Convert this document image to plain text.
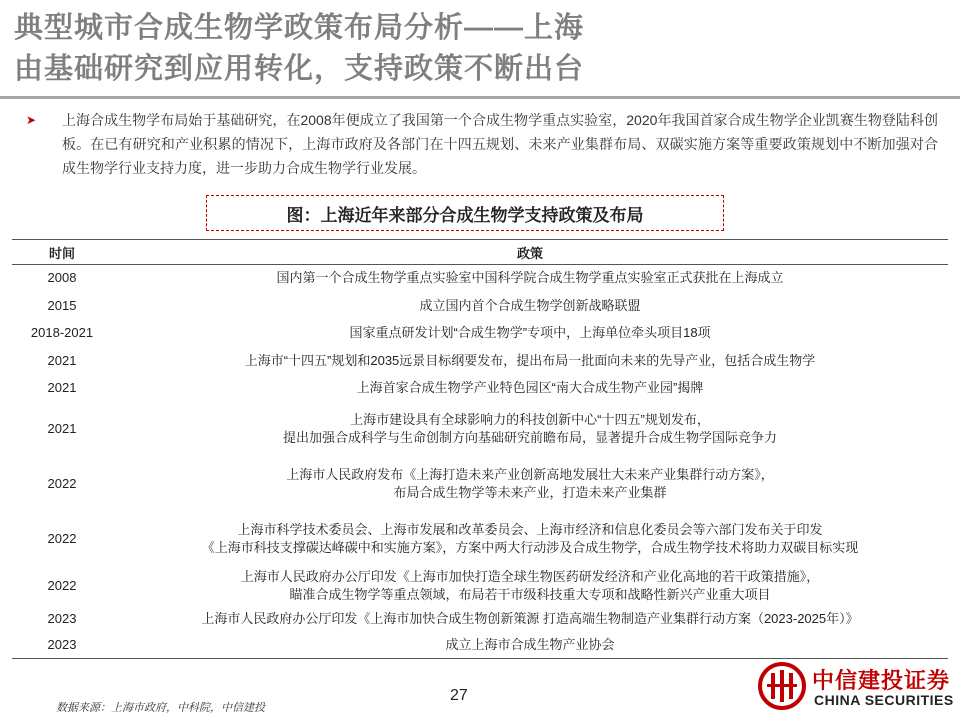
典型城市合成生物学政策布局分析——上海
由基础研究到应用转化，支持政策不断出台
➤ 上海合成生物学布局始于基础研究，在2008年便成立了我国第一个合成生物学重点实验室，2020年我国首家合成生物学企业凯赛生物登陆科创板。在已有研究和产业积累的情况下，上海市政府及各部门在十四五规划、未来产业集群布局、双碳实施方案等重要政策规划中不断加强对合成生物学行业支持力度，进一步助力合成生物学行业发展。
图：上海近年来部分合成生物学支持政策及布局
时间	政策
2008	国内第一个合成生物学重点实验室中国科学院合成生物学重点实验室正式获批在上海成立

2015	成立国内首个合成生物学创新战略联盟

2018-2021	国家重点研发计划“合成生物学”专项中，上海单位牵头项目18项

2021	上海市“十四五”规划和2035远景目标纲要发布，提出布局一批面向未来的先导产业，包括合成生物学

2021	上海首家合成生物学产业特色园区“南大合成生物产业园”揭牌

2021	上海市建设具有全球影响力的科技创新中心“十四五”规划发布，
提出加强合成科学与生命创制方向基础研究前瞻布局，显著提升合成生物学国际竞争力

2022	上海市人民政府发布《上海打造未来产业创新高地发展壮大未来产业集群行动方案》，
布局合成生物学等未来产业，打造未来产业集群

2022	上海市科学技术委员会、上海市发展和改革委员会、上海市经济和信息化委员会等六部门发布关于印发
《上海市科技支撑碳达峰碳中和实施方案》，方案中两大行动涉及合成生物学，合成生物学技术将助力双碳目标实现

2022	上海市人民政府办公厅印发《上海市加快打造全球生物医药研发经济和产业化高地的若干政策措施》，
瞄准合成生物学等重点领域，布局若干市级科技重大专项和战略性新兴产业重大项目

2023	上海市人民政府办公厅印发《上海市加快合成生物创新策源 打造高端生物制造产业集群行动方案（2023-2025年）》

2023	成立上海市合成生物产业协会
数据来源：上海市政府，中科院，中信建投
27
中信建投证券
CHINA SECURITIES
